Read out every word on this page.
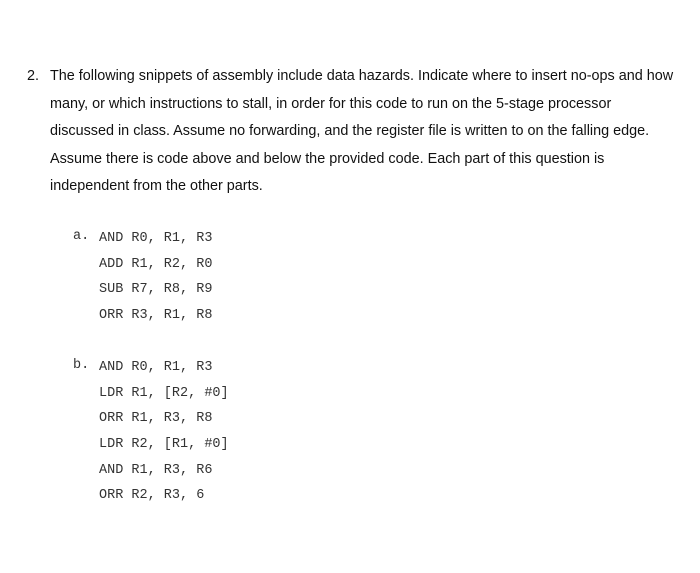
2. The following snippets of assembly include data hazards. Indicate where to insert no-ops and how many, or which instructions to stall, in order for this code to run on the 5-stage processor discussed in class. Assume no forwarding, and the register file is written to on the falling edge. Assume there is code above and below the provided code. Each part of this question is independent from the other parts.
a. AND R0, R1, R3
ADD R1, R2, R0
SUB R7, R8, R9
ORR R3, R1, R8
b. AND R0, R1, R3
LDR R1, [R2, #0]
ORR R1, R3, R8
LDR R2, [R1, #0]
AND R1, R3, R6
ORR R2, R3, 6
